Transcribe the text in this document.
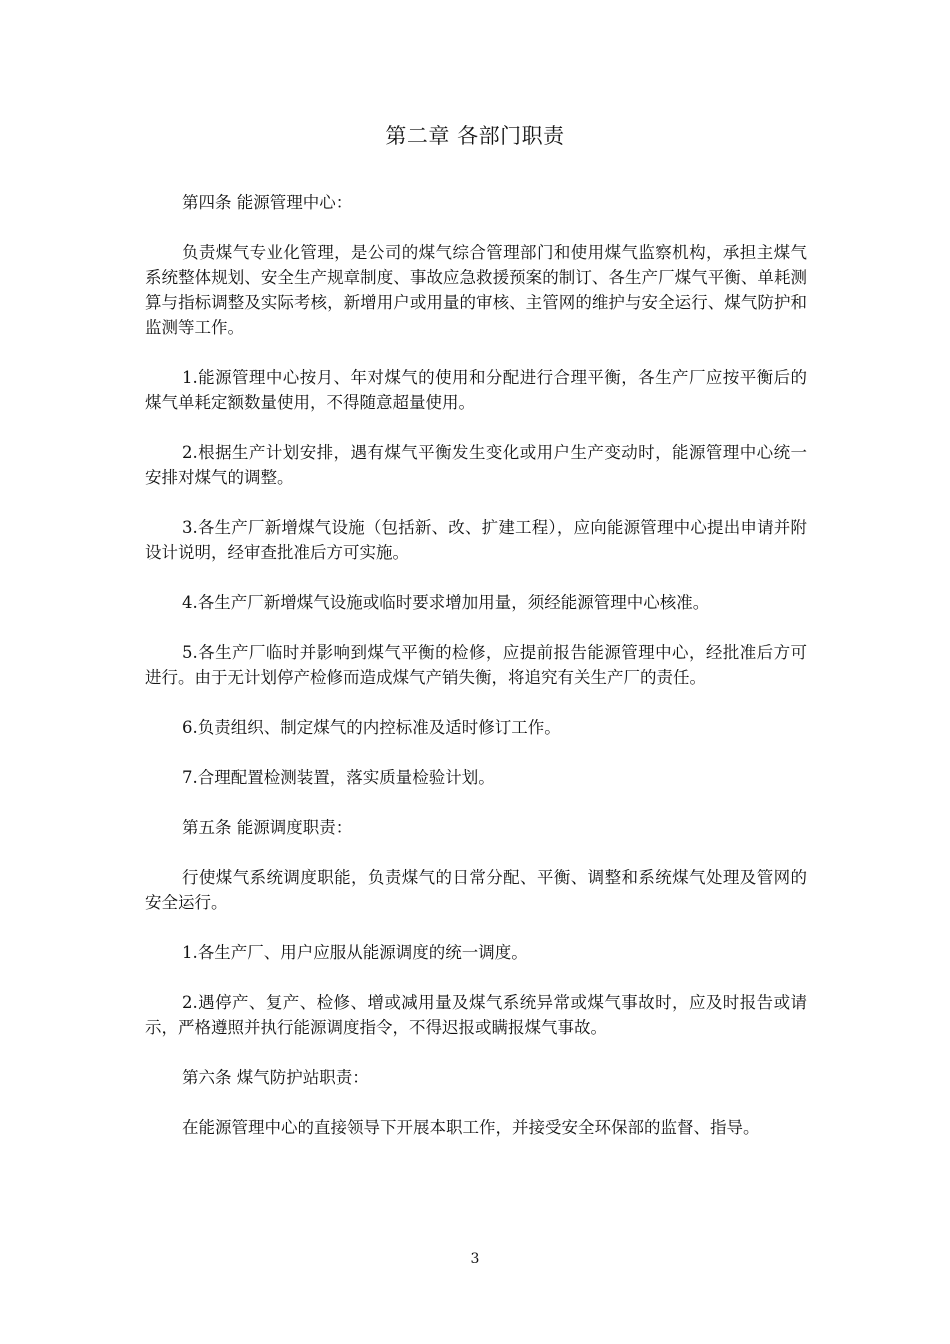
第二章 各部门职责

第四条 能源管理中心：

负责煤气专业化管理，是公司的煤气综合管理部门和使用煤气监察机构，承担主煤气系统整体规划、安全生产规章制度、事故应急救援预案的制订、各生产厂煤气平衡、单耗测算与指标调整及实际考核，新增用户或用量的审核、主管网的维护与安全运行、煤气防护和监测等工作。

1.能源管理中心按月、年对煤气的使用和分配进行合理平衡，各生产厂应按平衡后的煤气单耗定额数量使用，不得随意超量使用。

2.根据生产计划安排，遇有煤气平衡发生变化或用户生产变动时，能源管理中心统一安排对煤气的调整。

3.各生产厂新增煤气设施（包括新、改、扩建工程），应向能源管理中心提出申请并附设计说明，经审查批准后方可实施。

4.各生产厂新增煤气设施或临时要求增加用量，须经能源管理中心核准。

5.各生产厂临时并影响到煤气平衡的检修，应提前报告能源管理中心，经批准后方可进行。由于无计划停产检修而造成煤气产销失衡，将追究有关生产厂的责任。

6.负责组织、制定煤气的内控标准及适时修订工作。

7.合理配置检测装置，落实质量检验计划。

第五条 能源调度职责：

行使煤气系统调度职能，负责煤气的日常分配、平衡、调整和系统煤气处理及管网的安全运行。

1.各生产厂、用户应服从能源调度的统一调度。

2.遇停产、复产、检修、增或减用量及煤气系统异常或煤气事故时，应及时报告或请示，严格遵照并执行能源调度指令，不得迟报或瞒报煤气事故。

第六条 煤气防护站职责：

在能源管理中心的直接领导下开展本职工作，并接受安全环保部的监督、指导。

3
